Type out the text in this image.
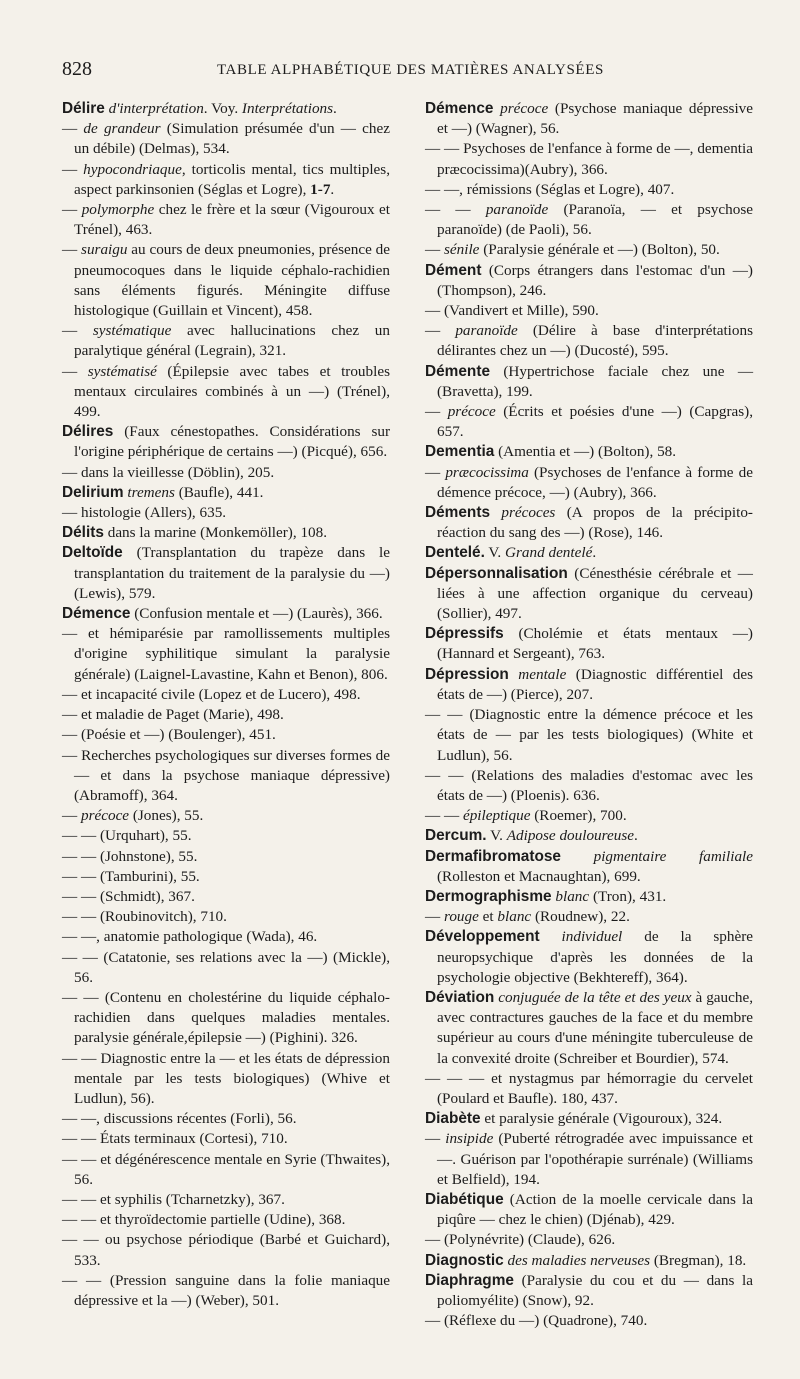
828	TABLE ALPHABÉTIQUE DES MATIÈRES ANALYSÉES

Délire d'interprétation. Voy. Interprétations.

— de grandeur (Simulation présumée d'un — chez un débile) (Delmas), 534.

— hypocondriaque, torticolis mental, tics multiples, aspect parkinsonien (Séglas et Logre), 1-7.

— polymorphe chez le frère et la sœur (Vigouroux et Trénel), 463.

— suraigu au cours de deux pneumonies, présence de pneumocoques dans le liquide céphalo-rachidien sans éléments figurés. Méningite diffuse histologique (Guillain et Vincent), 458.

— systématique avec hallucinations chez un paralytique général (Legrain), 321.

— systématisé (Épilepsie avec tabes et troubles mentaux circulaires combinés à un —) (Trénel), 499.

Délires (Faux cénestopathes. Considérations sur l'origine périphérique de certains —) (Picqué), 656.

— dans la vieillesse (Döblin), 205.

Delirium tremens (Baufle), 441.

— histologie (Allers), 635.

Délits dans la marine (Monkemöller), 108.

Deltoïde (Transplantation du trapèze dans le transplantation du traitement de la paralysie du —) (Lewis), 579.

Démence (Confusion mentale et —) (Laurès), 366.

— et hémiparésie par ramollissements multiples d'origine syphilitique simulant la paralysie générale) (Laignel-Lavastine, Kahn et Benon), 806.

— et incapacité civile (Lopez et de Lucero), 498.

— et maladie de Paget (Marie), 498.

— (Poésie et —) (Boulenger), 451.

— Recherches psychologiques sur diverses formes de — et dans la psychose maniaque dépressive) (Abramoff), 364.

— précoce (Jones), 55.

— — (Urquhart), 55.

— — (Johnstone), 55.

— — (Tamburini), 55.

— — (Schmidt), 367.

— — (Roubinovitch), 710.

— —, anatomie pathologique (Wada), 46.

— — (Catatonie, ses relations avec la —) (Mickle), 56.

— — (Contenu en cholestérine du liquide céphalo-rachidien dans quelques maladies mentales. paralysie générale,épilepsie —) (Pighini). 326.

— — Diagnostic entre la — et les états de dépression mentale par les tests biologiques) (Whive et Ludlun), 56).

— —, discussions récentes (Forli), 56.

— — États terminaux (Cortesi), 710.

— — et dégénérescence mentale en Syrie (Thwaites), 56.

— — et syphilis (Tcharnetzky), 367.

— — et thyroïdectomie partielle (Udine), 368.

— — ou psychose périodique (Barbé et Guichard), 533.

— — (Pression sanguine dans la folie maniaque dépressive et la —) (Weber), 501.

Démence précoce (Psychose maniaque dépressive et —) (Wagner), 56.

— — Psychoses de l'enfance à forme de —, dementia præcocissima)(Aubry), 366.

— —, rémissions (Séglas et Logre), 407.

— — paranoïde (Paranoïa, — et psychose paranoïde) (de Paoli), 56.

— sénile (Paralysie générale et —) (Bolton), 50.

Dément (Corps étrangers dans l'estomac d'un —) (Thompson), 246.

— (Vandivert et Mille), 590.

— paranoïde (Délire à base d'interprétations délirantes chez un —) (Ducosté), 595.

Démente (Hypertrichose faciale chez une — (Bravetta), 199.

— précoce (Écrits et poésies d'une —) (Capgras), 657.

Dementia (Amentia et —) (Bolton), 58.

— præcocissima (Psychoses de l'enfance à forme de démence précoce, —) (Aubry), 366.

Déments précoces (A propos de la précipito-réaction du sang des —) (Rose), 146.

Dentelé. V. Grand dentelé.

Dépersonnalisation (Cénesthésie cérébrale et — liées à une affection organique du cerveau) (Sollier), 497.

Dépressifs (Cholémie et états mentaux —) (Hannard et Sergeant), 763.

Dépression mentale (Diagnostic différentiel des états de —) (Pierce), 207.

— — (Diagnostic entre la démence précoce et les états de — par les tests biologiques) (White et Ludlun), 56.

— — (Relations des maladies d'estomac avec les états de —) (Ploenis). 636.

— — épileptique (Roemer), 700.

Dercum. V. Adipose douloureuse.

Dermafibromatose pigmentaire familiale (Rolleston et Macnaughtan), 699.

Dermographisme blanc (Tron), 431.

— rouge et blanc (Roudnew), 22.

Développement individuel de la sphère neuropsychique d'après les données de la psychologie objective (Bekhtereff), 364).

Déviation conjuguée de la tête et des yeux à gauche, avec contractures gauches de la face et du membre supérieur au cours d'une méningite tuberculeuse de la convexité droite (Schreiber et Bourdier), 574.

— — — et nystagmus par hémorragie du cervelet (Poulard et Baufle). 180, 437.

Diabète et paralysie générale (Vigouroux), 324.

— insipide (Puberté rétrogradée avec impuissance et —. Guérison par l'opothérapie surrénale) (Williams et Belfield), 194.

Diabétique (Action de la moelle cervicale dans la piqûre — chez le chien) (Djénab), 429.

— (Polynévrite) (Claude), 626.

Diagnostic des maladies nerveuses (Bregman), 18.

Diaphragme (Paralysie du cou et du — dans la poliomyélite) (Snow), 92.

— (Réflexe du —) (Quadrone), 740.
